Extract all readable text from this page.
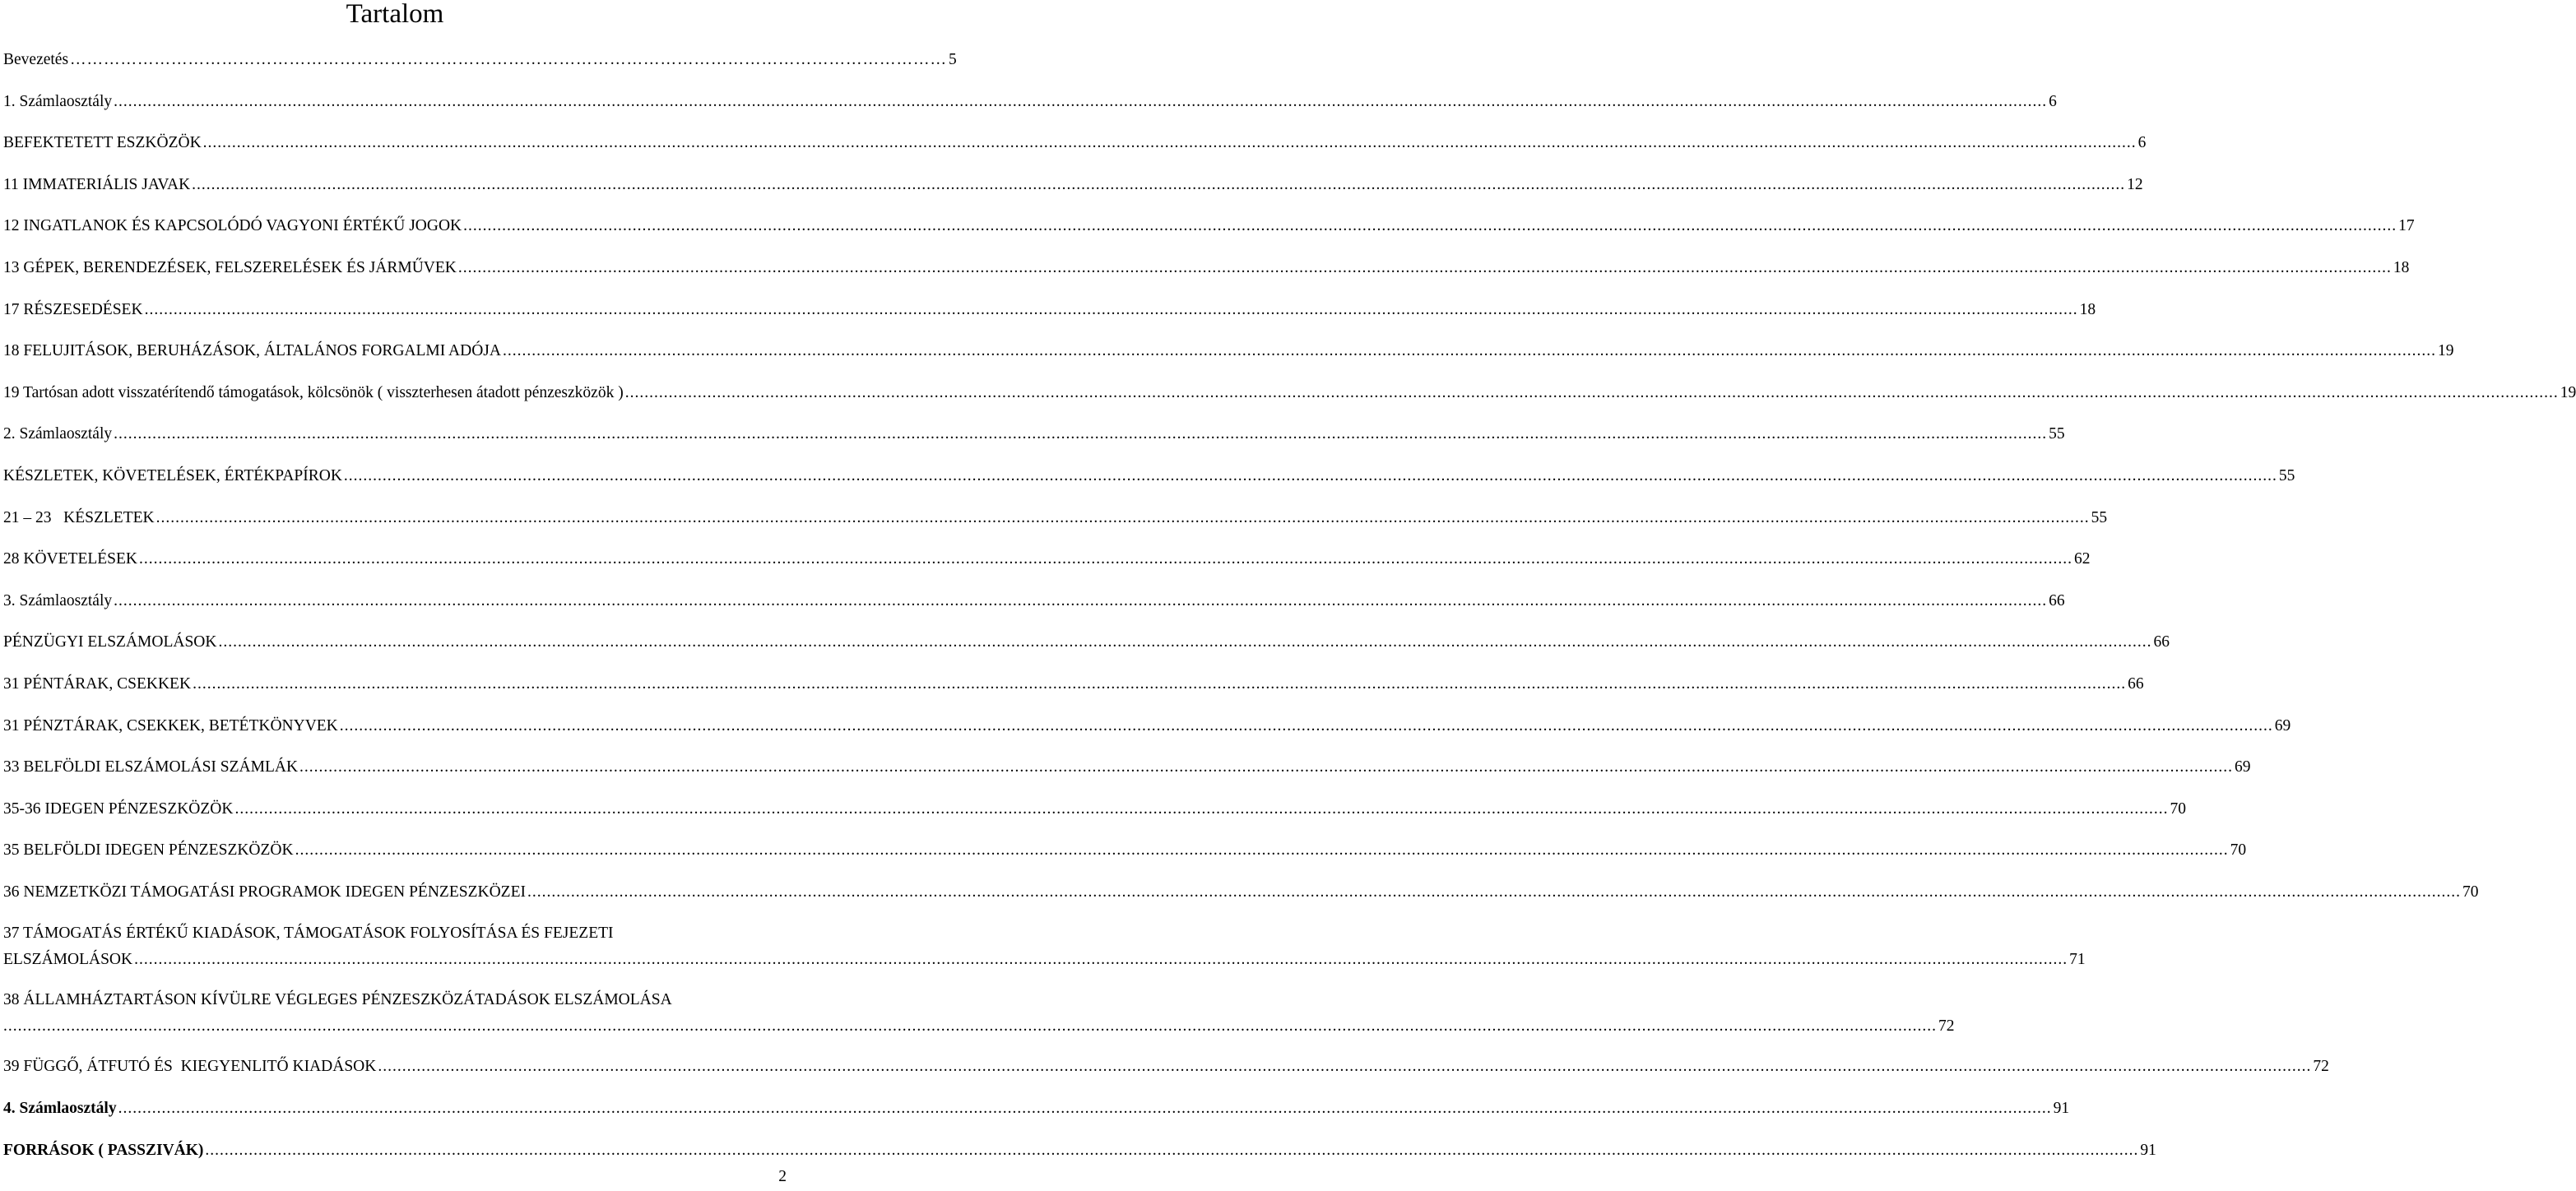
Tartalom
Bevezetés ………………………………………………………………………………………………………………………………………… 5
1. Számlaosztály ................................................................................................................................................................................................................................................................................................................................................................................................................ 6
BEFEKTETETT ESZKÖZÖK ................................................................................................................................................................................................................................................................................................................................................................................................................ 6
11 IMMATERIÁLIS JAVAK ................................................................................................................................................................................................................................................................................................................................................................................................................ 12
12 INGATLANOK ÉS KAPCSOLÓDÓ VAGYONI ÉRTÉKŰ JOGOK ................................................................................................................................................................................................................................................................................................................................................................................................................ 17
13 GÉPEK, BERENDEZÉSEK, FELSZERELÉSEK ÉS JÁRMŰVEK ................................................................................................................................................................................................................................................................................................................................................................................................................ 18
17 RÉSZESEDÉSEK ................................................................................................................................................................................................................................................................................................................................................................................................................ 18
18 FELUJITÁSOK, BERUHÁZÁSOK, ÁLTALÁNOS FORGALMI ADÓJA ................................................................................................................................................................................................................................................................................................................................................................................................................ 19
19 Tartósan adott visszatérítendő támogatások, kölcsönök ( visszterhesen átadott pénzeszközök ) ................................................................................................................................................................................................................................................................................................................................................................................................................ 19
2. Számlaosztály ................................................................................................................................................................................................................................................................................................................................................................................................................ 55
KÉSZLETEK, KÖVETELÉSEK, ÉRTÉKPAPÍROK ................................................................................................................................................................................................................................................................................................................................................................................................................ 55
21 – 23	KÉSZLETEK ................................................................................................................................................................................................................................................................................................................................................................................................................ 55
28 KÖVETELÉSEK ................................................................................................................................................................................................................................................................................................................................................................................................................ 62
3. Számlaosztály ................................................................................................................................................................................................................................................................................................................................................................................................................ 66
PÉNZÜGYI ELSZÁMOLÁSOK ................................................................................................................................................................................................................................................................................................................................................................................................................ 66
31 PÉNTÁRAK, CSEKKEK ................................................................................................................................................................................................................................................................................................................................................................................................................ 66
31 PÉNZTÁRAK, CSEKKEK, BETÉTKÖNYVEK ................................................................................................................................................................................................................................................................................................................................................................................................................ 69
33 BELFÖLDI ELSZÁMOLÁSI SZÁMLÁK ................................................................................................................................................................................................................................................................................................................................................................................................................ 69
35-36 IDEGEN PÉNZESZKÖZÖK ................................................................................................................................................................................................................................................................................................................................................................................................................ 70
35 BELFÖLDI IDEGEN PÉNZESZKÖZÖK ................................................................................................................................................................................................................................................................................................................................................................................................................ 70
36 NEMZETKÖZI TÁMOGATÁSI PROGRAMOK IDEGEN PÉNZESZKÖZEI ................................................................................................................................................................................................................................................................................................................................................................................................................ 70
37 TÁMOGATÁS ÉRTÉKŰ KIADÁSOK, TÁMOGATÁSOK FOLYOSÍTÁSA ÉS FEJEZETI
ELSZÁMOLÁSOK ................................................................................................................................................................................................................................................................................................................................................................................................................ 71
38 ÁLLAMHÁZTARTÁSON KÍVÜLRE VÉGLEGES PÉNZESZKÖZÁTADÁSOK ELSZÁMOLÁSA
................................................................................................................................................................................................................................................................................................................................................................................................................ 72
39 FÜGGŐ, ÁTFUTÓ ÉS  KIEGYENLITŐ KIADÁSOK ................................................................................................................................................................................................................................................................................................................................................................................................................ 72
4. Számlaosztály ................................................................................................................................................................................................................................................................................................................................................................................................................ 91
FORRÁSOK ( PASSZIVÁK) ................................................................................................................................................................................................................................................................................................................................................................................................................ 91
2
